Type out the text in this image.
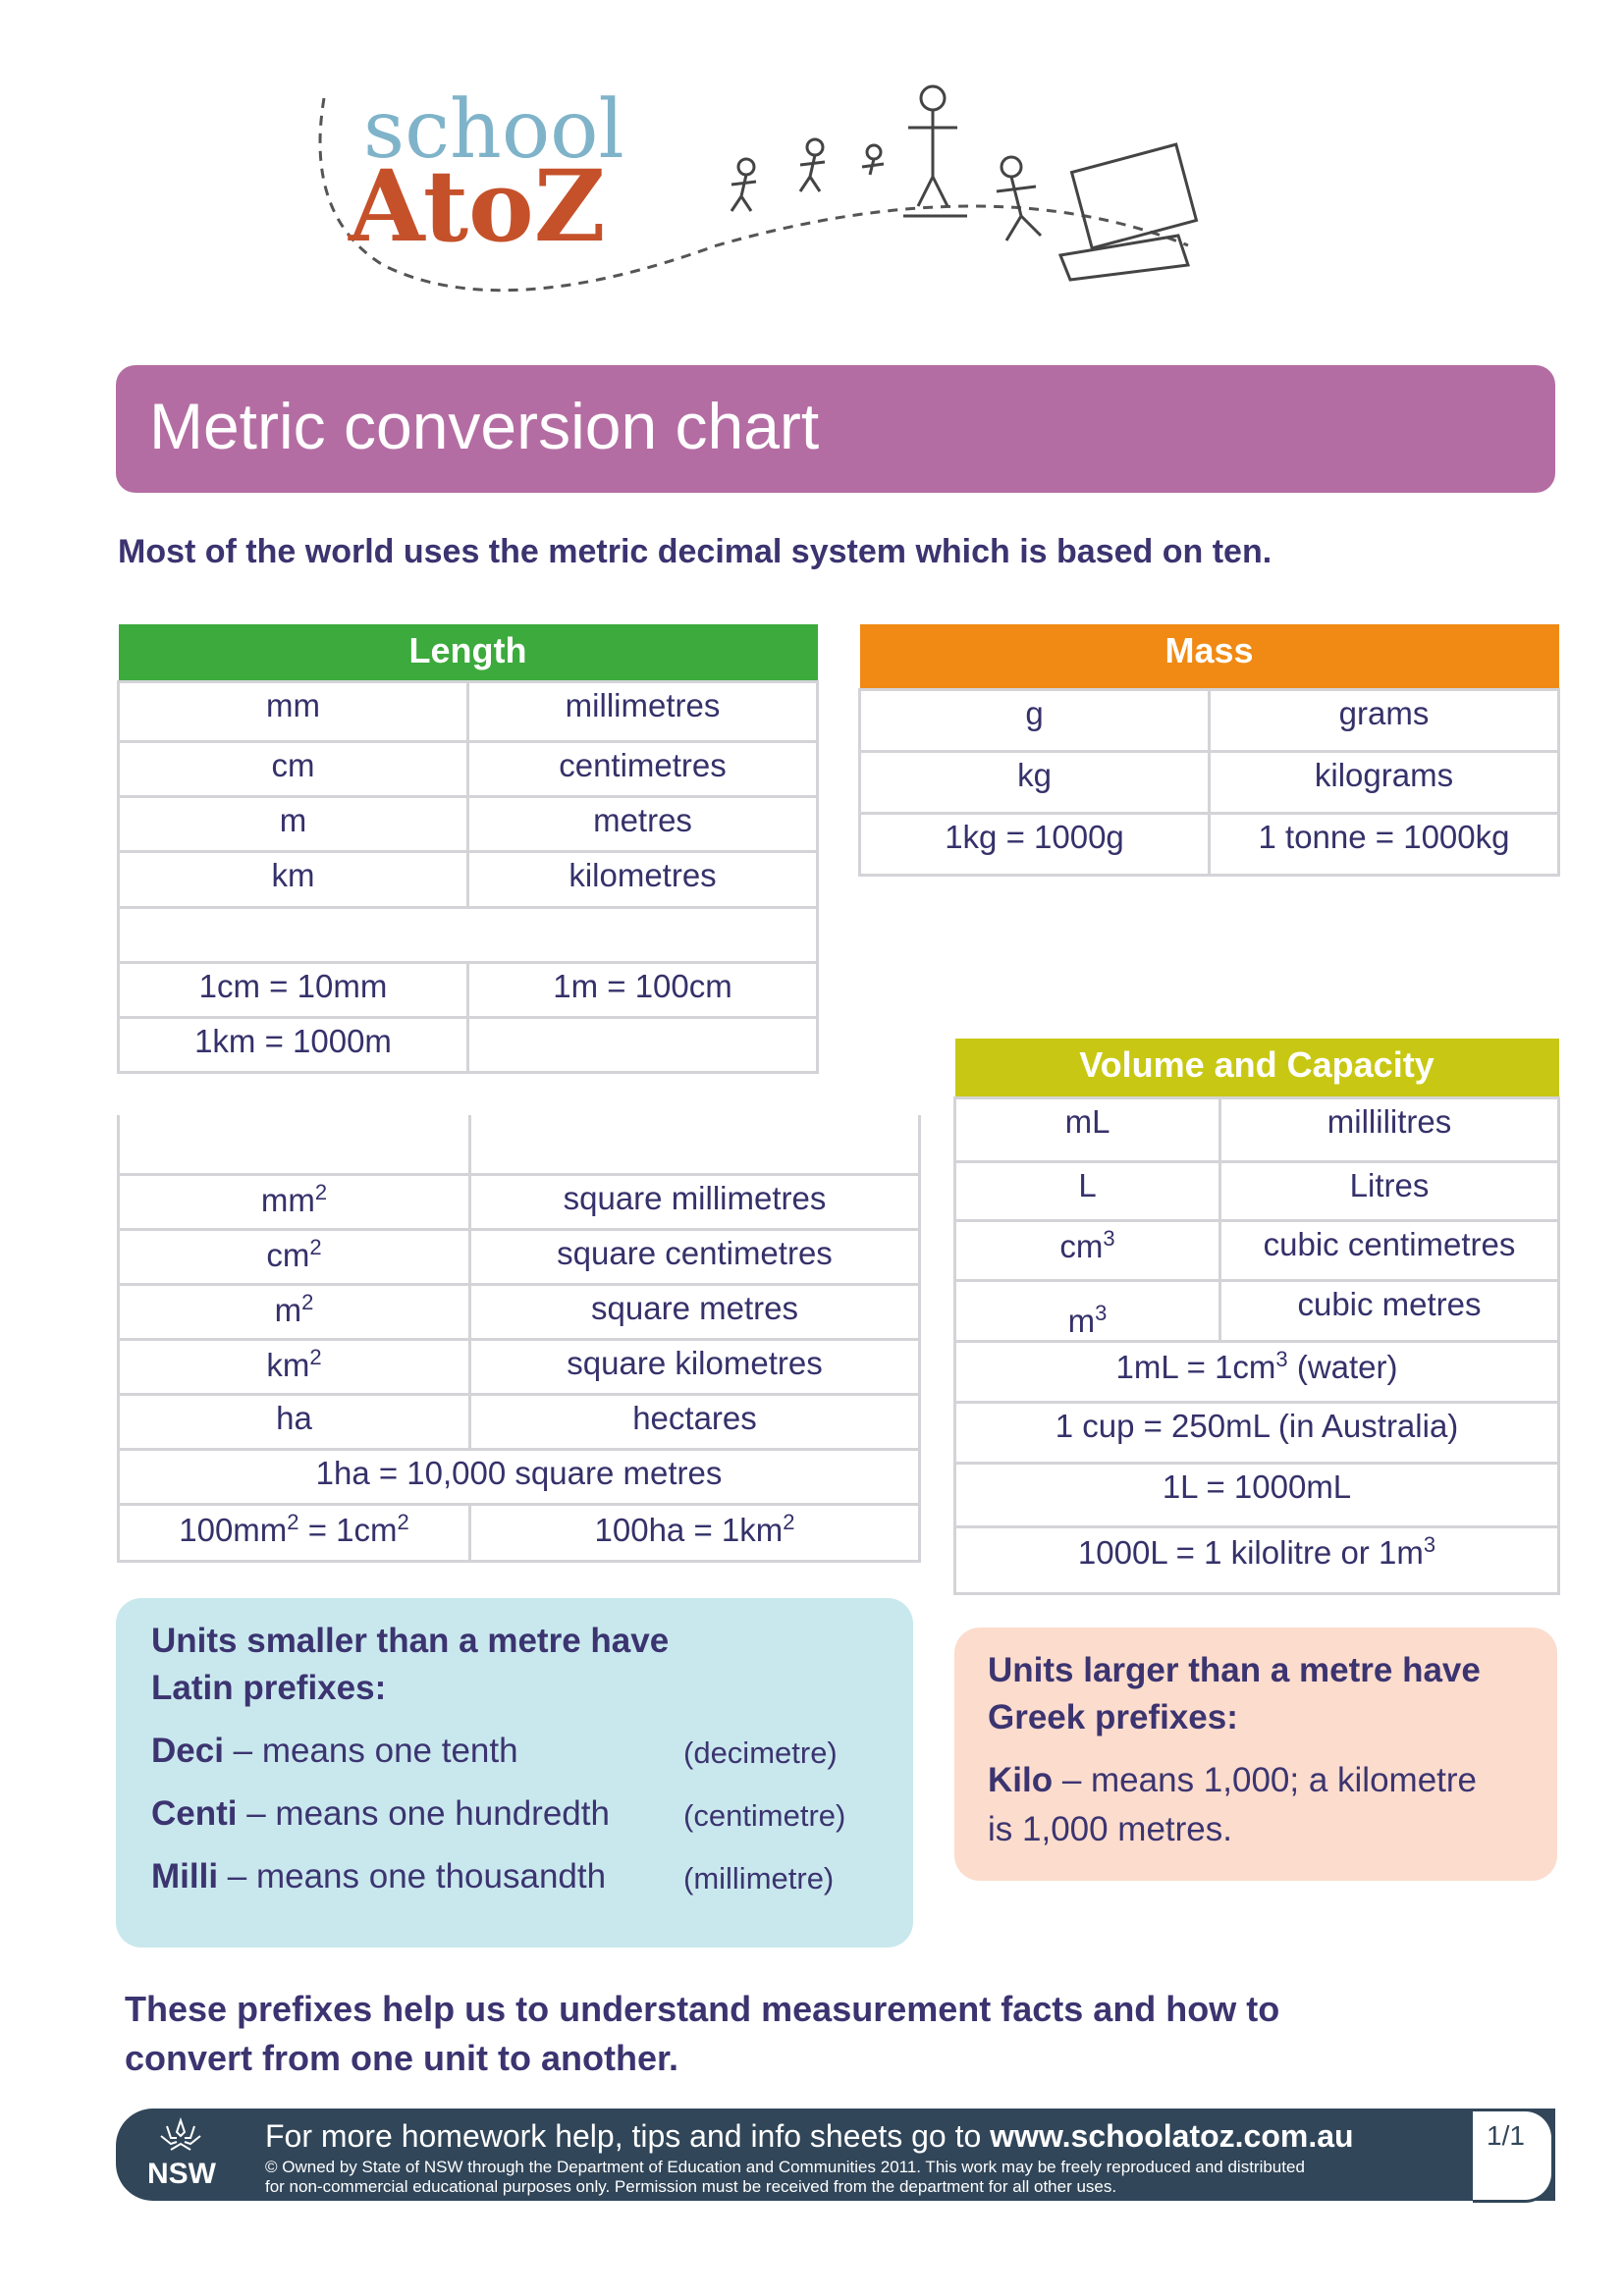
school
AtoZ
Metric conversion chart
Most of the world uses the metric decimal system which is based on ten.
Length	
mm	millimetres
cm	centimetres
m	metres
km	kilometres

1cm = 10mm	1m = 100cm
1km = 1000m	
Mass	
g	grams
kg	kilograms
1kg = 1000g	1 tonne = 1000kg

$mm^2$	square millimetres
$cm^2$	square centimetres
$m^2$	square metres
$km^2$	square kilometres
ha	hectares
1ha = 10,000 square metres	
$100mm^2 = 1cm^2$	$100ha = 1km^2$
Volume and Capacity	
mL	millilitres
L	Litres
$cm^3$	cubic centimetres
$m^3$	cubic metres
$1mL = 1cm^3$ (water)	
1 cup = 250mL (in Australia)	
1L = 1000mL	
1000L = 1 kilolitre or $1m^3$
Units smaller than a metre have
Latin prefixes:
Deci – means one tenth	(decimetre)
Centi – means one hundredth (centimetre)
Milli – means one thousandth	(millimetre)
Units larger than a metre have
Greek prefixes:
Kilo – means 1,000; a kilometre
is 1,000 metres.
These prefixes help us to understand measurement facts and how to
convert from one unit to another.
1/1
NSW
For more homework help, tips and info sheets go to www.schoolatoz.com.au
© Owned by State of NSW through the Department of Education and Communities 2011. This work may be freely reproduced and distributed
for non-commercial educational purposes only. Permission must be received from the department for all other uses.
